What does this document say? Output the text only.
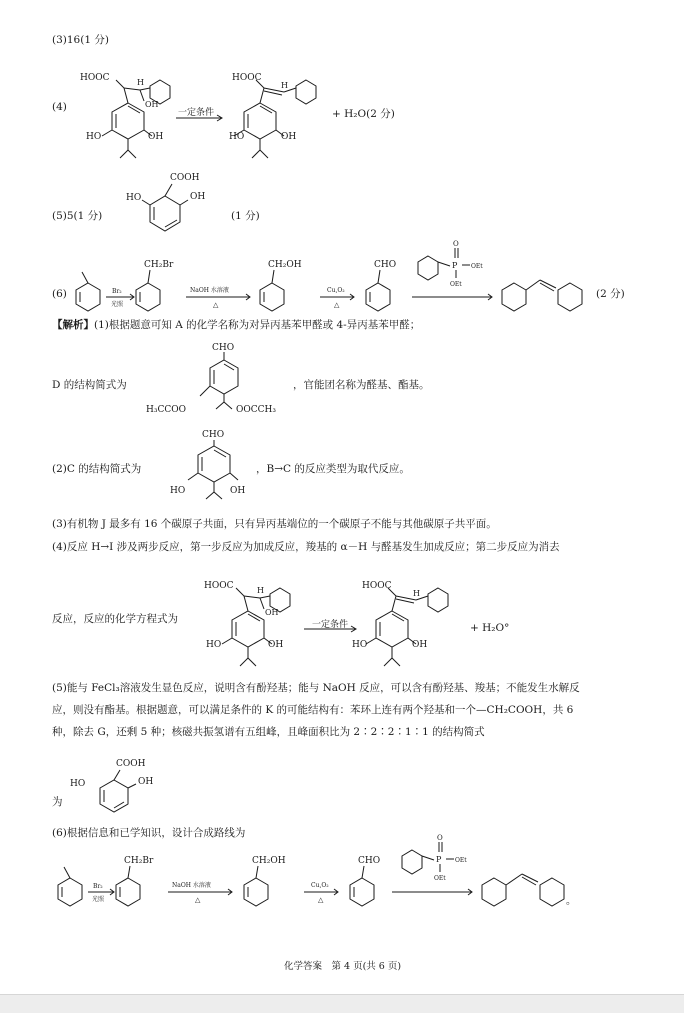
(3)16(1 分)
(4)	一定条件	+ H₂O(2 分)
(5)5(1 分)	(1 分)
(6)	(2 分)
【解析】(1)根据题意可知 A 的化学名称为对异丙基苯甲醛或 4-异丙基苯甲醛；
D 的结构简式为	，官能团名称为醛基、酯基。
(2)C 的结构简式为	，B→C 的反应类型为取代反应。
(3)有机物 J 最多有 16 个碳原子共面，只有异丙基端位的一个碳原子不能与其他碳原子共平面。
(4)反应 H→I 涉及两步反应，第一步反应为加成反应，羧基的 α－H 与醛基发生加成反应；第二步反应为消去
反应，反应的化学方程式为	一定条件	+ H₂O°
(5)能与 FeCl₃溶液发生显色反应，说明含有酚羟基；能与 NaOH 反应，可以含有酚羟基、羧基；不能发生水解反
应，则没有酯基。根据题意，可以满足条件的 K 的可能结构有：苯环上连有两个羟基和一个—CH₂COOH，共 6
种，除去 G，还剩 5 种；核磁共振氢谱有五组峰，且峰面积比为 2∶2∶2∶1∶1 的结构简式
为
(6)根据信息和已学知识，设计合成路线为
化学答案　第 4 页(共 6 页)
HOOC	H
OH
HO	OH
HOOC
H
HO	OH
COOH
HO	OH
Br₂
光照
CH₂Br
NaOH 水溶液
△
CH₂OH
Cu,O₂
△
CHO
O
P OEt
OEt
CHO
H₃CCOO	OOCCH₃
CHO
HO	OH
HOOC	H
OH
HO	OH
HOOC
H
HO	OH
COOH
HO	OH
Br₂
光照
CH₂Br
NaOH 水溶液
△
CH₂OH
Cu,O₂
△
CHO
O
P OEt
OEt
。
